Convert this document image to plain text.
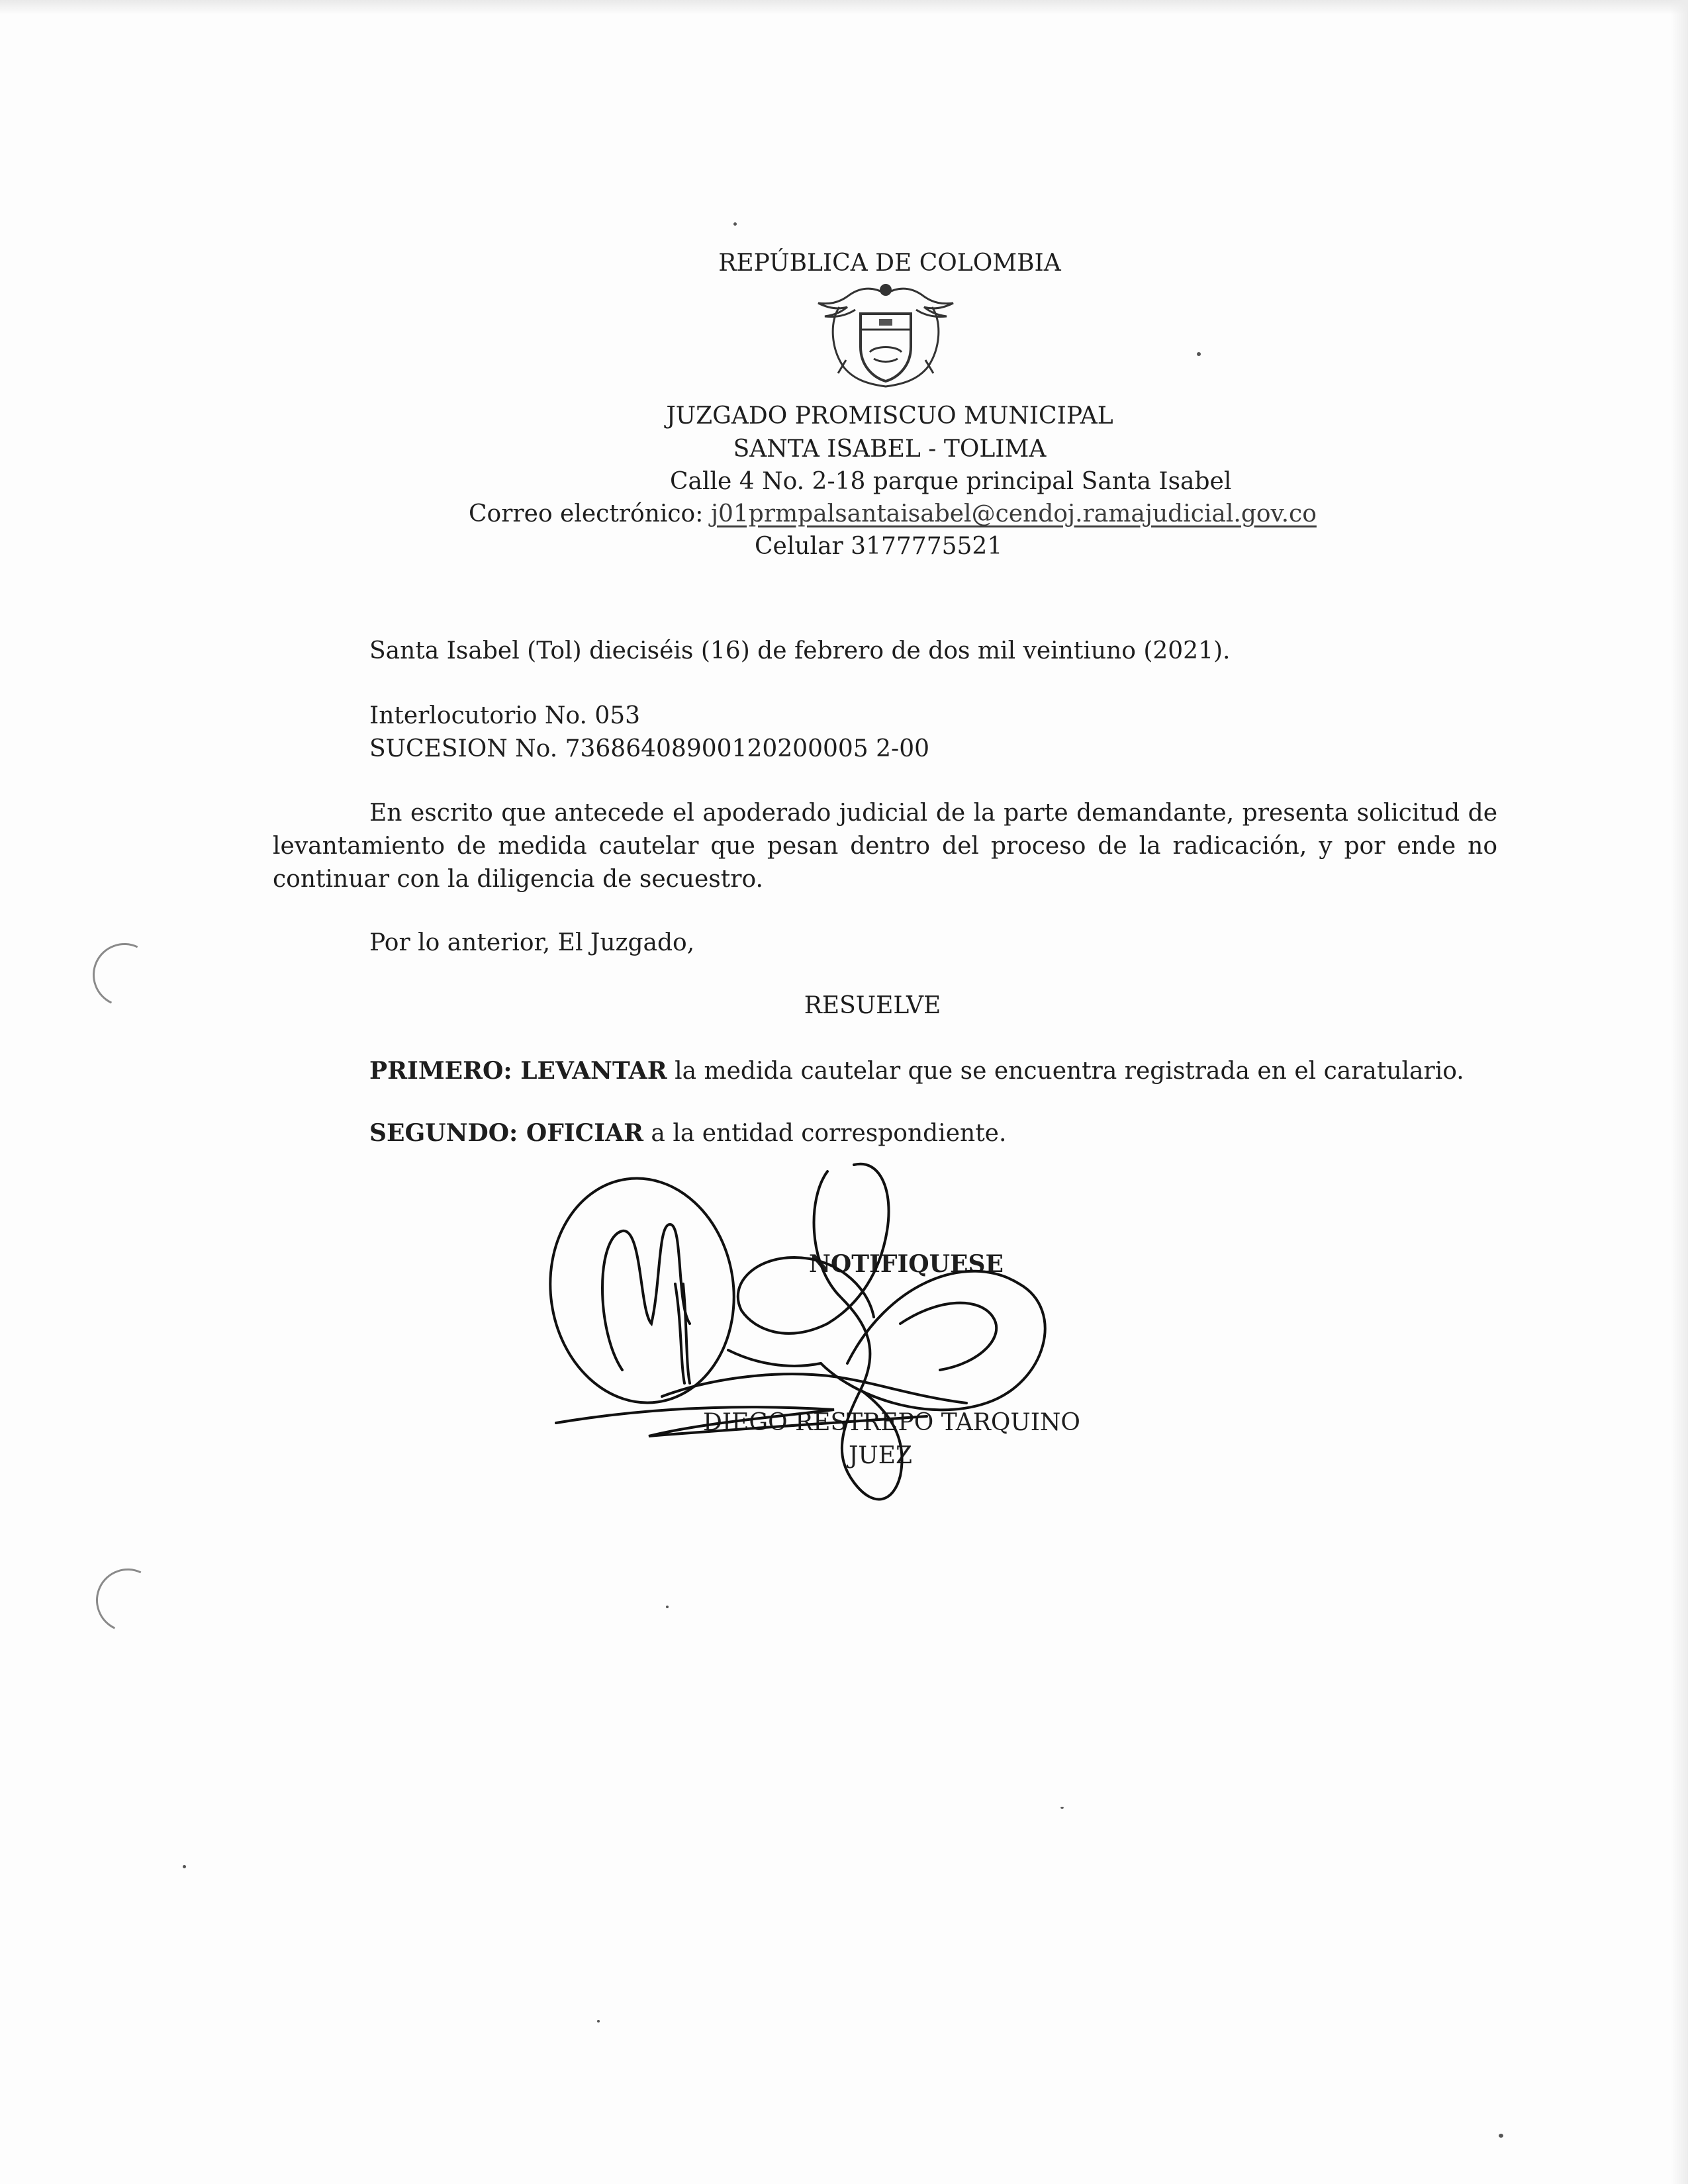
REPÚBLICA DE COLOMBIA
JUZGADO PROMISCUO MUNICIPAL
SANTA ISABEL - TOLIMA
Calle 4 No. 2-18 parque principal Santa Isabel
Correo electrónico: j01prmpalsantaisabel@cendoj.ramajudicial.gov.co
Celular 3177775521
Santa Isabel (Tol) dieciséis (16) de febrero de dos mil veintiuno (2021).
Interlocutorio No. 053
SUCESION No. 73686408900120200005 2-00
En escrito que antecede el apoderado judicial de la parte demandante, presenta solicitud de levantamiento de medida cautelar que pesan dentro del proceso de la radicación, y por ende no continuar con la diligencia de secuestro.
Por lo anterior, El Juzgado,
RESUELVE
PRIMERO: LEVANTAR la medida cautelar que se encuentra registrada en el caratulario.
SEGUNDO: OFICIAR a la entidad correspondiente.
NOTIFIQUESE
DIEGO RESTREPO TARQUINO
JUEZ
